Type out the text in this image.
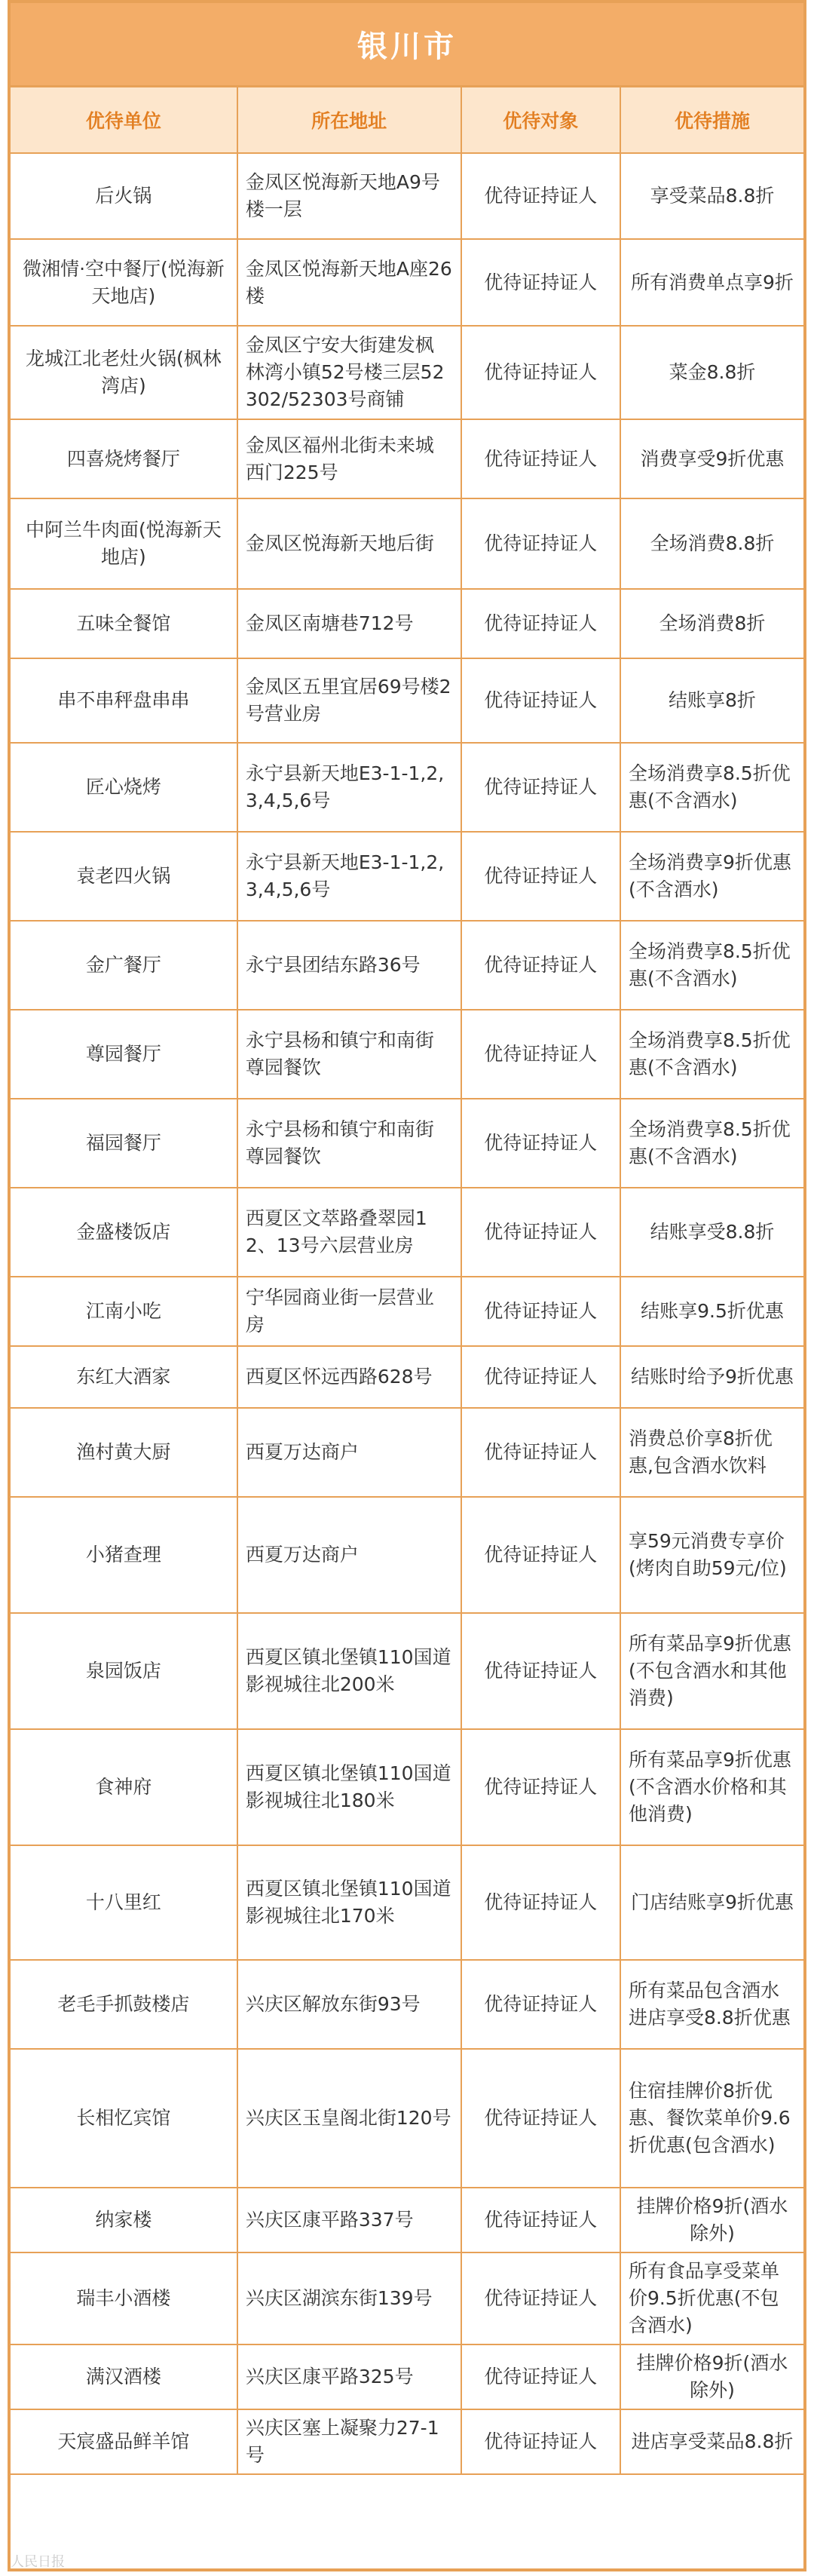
银川市
优待单位	所在地址	优待对象	优待措施
后火锅	金凤区悦海新天地A9号楼一层	优待证持证人	享受菜品8.8折
微湘情·空中餐厅(悦海新天地店)	金凤区悦海新天地A座26楼	优待证持证人	所有消费单点享9折
龙城江北老灶火锅(枫林湾店)	金凤区宁安大街建发枫林湾小镇52号楼三层52302/52303号商铺	优待证持证人	菜金8.8折
四喜烧烤餐厅	金凤区福州北街未来城西门225号	优待证持证人	消费享受9折优惠
中阿兰牛肉面(悦海新天地店)	金凤区悦海新天地后街	优待证持证人	全场消费8.8折
五味全餐馆	金凤区南塘巷712号	优待证持证人	全场消费8折
串不串秤盘串串	金凤区五里宜居69号楼2号营业房	优待证持证人	结账享8折
匠心烧烤	永宁县新天地E3-1-1,2,3,4,5,6号	优待证持证人	全场消费享8.5折优惠(不含酒水)
袁老四火锅	永宁县新天地E3-1-1,2,3,4,5,6号	优待证持证人	全场消费享9折优惠(不含酒水)
金广餐厅	永宁县团结东路36号	优待证持证人	全场消费享8.5折优惠(不含酒水)
尊园餐厅	永宁县杨和镇宁和南街尊园餐饮	优待证持证人	全场消费享8.5折优惠(不含酒水)
福园餐厅	永宁县杨和镇宁和南街尊园餐饮	优待证持证人	全场消费享8.5折优惠(不含酒水)
金盛楼饭店	西夏区文萃路叠翠园12、13号六层营业房	优待证持证人	结账享受8.8折
江南小吃	宁华园商业街一层营业房	优待证持证人	结账享9.5折优惠
东红大酒家	西夏区怀远西路628号	优待证持证人	结账时给予9折优惠
渔村黄大厨	西夏万达商户	优待证持证人	消费总价享8折优惠,包含酒水饮料
小猪查理	西夏万达商户	优待证持证人	享59元消费专享价(烤肉自助59元/位)
泉园饭店	西夏区镇北堡镇110国道影视城往北200米	优待证持证人	所有菜品享9折优惠(不包含酒水和其他消费)
食神府	西夏区镇北堡镇110国道影视城往北180米	优待证持证人	所有菜品享9折优惠(不含酒水价格和其他消费)
十八里红	西夏区镇北堡镇110国道影视城往北170米	优待证持证人	门店结账享9折优惠
老毛手抓鼓楼店	兴庆区解放东街93号	优待证持证人	所有菜品包含酒水进店享受8.8折优惠
长相忆宾馆	兴庆区玉皇阁北街120号	优待证持证人	住宿挂牌价8折优惠、餐饮菜单价9.6折优惠(包含酒水)
纳家楼	兴庆区康平路337号	优待证持证人	挂牌价格9折(酒水除外)
瑞丰小酒楼	兴庆区湖滨东街139号	优待证持证人	所有食品享受菜单价9.5折优惠(不包含酒水)
满汉酒楼	兴庆区康平路325号	优待证持证人	挂牌价格9折(酒水除外)
天宸盛品鲜羊馆	兴庆区塞上凝聚力27-1号	优待证持证人	进店享受菜品8.8折
人民日报
